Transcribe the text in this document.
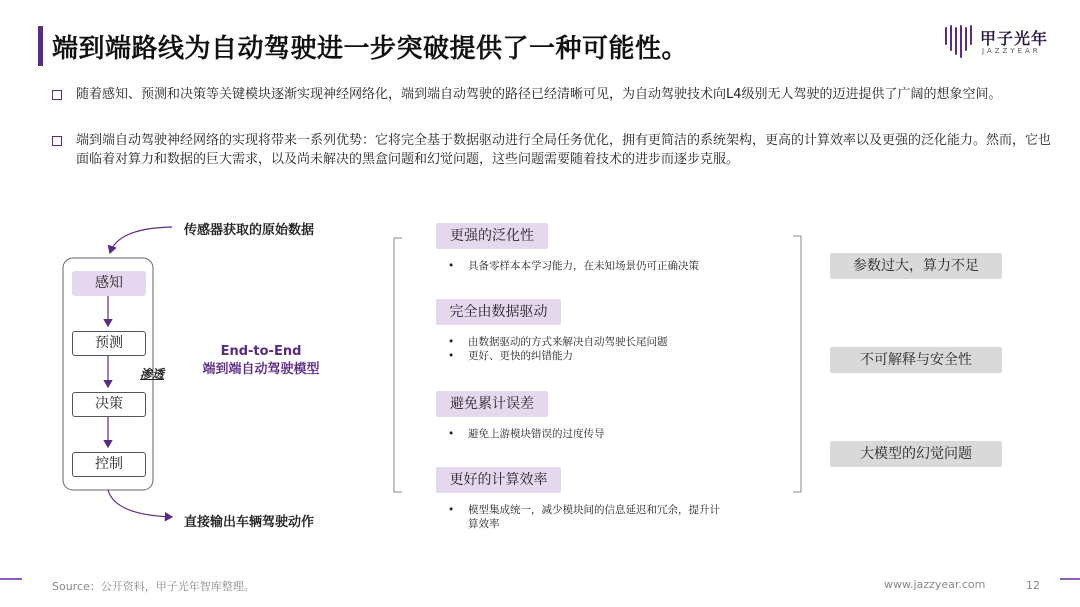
端到端路线为自动驾驶进一步突破提供了一种可能性。	甲子光年
JAZZYEAR
随着感知、预测和决策等关键模块逐渐实现神经网络化，端到端自动驾驶的路径已经清晰可见，为自动驾驶技术向L4级别无人驾驶的迈进提供了广阔的想象空间。
端到端自动驾驶神经网络的实现将带来一系列优势：它将完全基于数据驱动进行全局任务优化，拥有更简洁的系统架构，更高的计算效率以及更强的泛化能力。然而，它也面临着对算力和数据的巨大需求，以及尚未解决的黑盒问题和幻觉问题，这些问题需要随着技术的进步而逐步克服。
传感器获取的原始数据
直接输出车辆驾驶动作
感知
预测
决策
控制
渗透
End-to-End
端到端自动驾驶模型
更强的泛化性
• 具备零样本本学习能力，在未知场景仍可正确决策
完全由数据驱动
• 由数据驱动的方式来解决自动驾驶长尾问题
• 更好、更快的纠错能力
避免累计误差
• 避免上游模块错误的过度传导
更好的计算效率
• 模型集成统一，减少模块间的信息延迟和冗余，提升计算效率
参数过大，算力不足
不可解释与安全性
大模型的幻觉问题
Source：公开资料，甲子光年智库整理。	www.jazzyear.com	12
